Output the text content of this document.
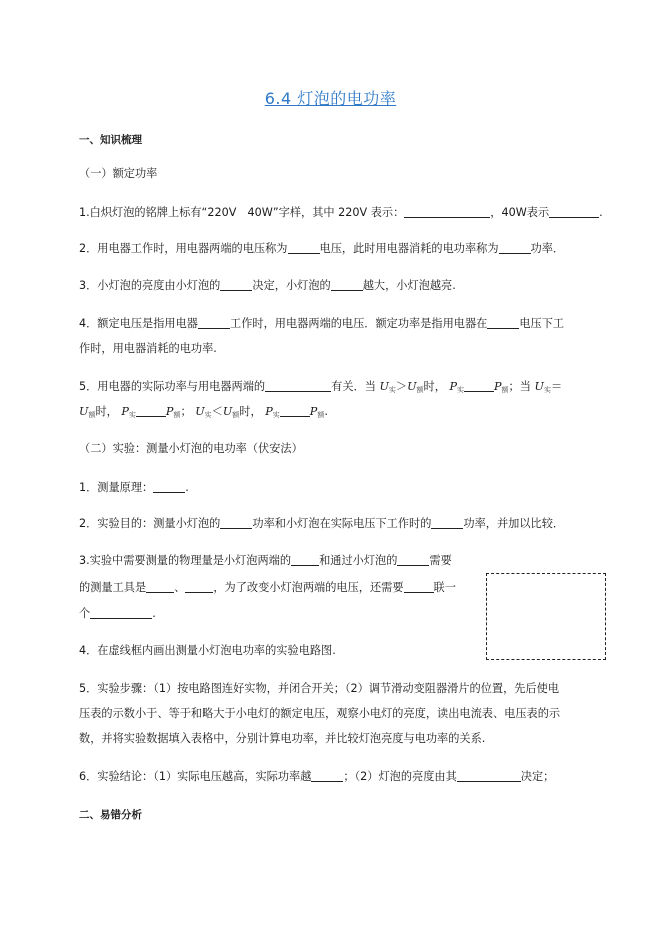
6.4 灯泡的电功率
一、知识梳理
（一）额定功率
1.白炽灯泡的铭牌上标有“220V　40W”字样，其中 220V 表示：	，40W表示	.
2．用电器工作时，用电器两端的电压称为	电压，此时用电器消耗的电功率称为	功率．
3．小灯泡的亮度由小灯泡的	决定，小灯泡的	越大，小灯泡越亮.
4．额定电压是指用电器	工作时，用电器两端的电压．额定功率是指用电器在	电压下工
作时，用电器消耗的电功率.
5．用电器的实际功率与用电器两端的	有关．当 $U_实>U_额$时， $P_实$	$P_额$；当 $U_实=$
$U_额$时， $P_实$	$P_额$； $U_实<U_额$时， $P_实$	$P_额$.
（二）实验：测量小灯泡的电功率（伏安法）
1．测量原理：	.
2．实验目的：测量小灯泡的	功率和小灯泡在实际电压下工作时的	功率，并加以比较．
3.实验中需要测量的物理量是小灯泡两端的	和通过小灯泡的	需要
的测量工具是	、	，为了改变小灯泡两端的电压，还需要	联一
个	.
4．在虚线框内画出测量小灯泡电功率的实验电路图.
5．实验步骤：（1）按电路图连好实物，并闭合开关；（2）调节滑动变阻器滑片的位置，先后使电
压表的示数小于、等于和略大于小电灯的额定电压，观察小电灯的亮度，读出电流表、电压表的示
数，并将实验数据填入表格中，分别计算电功率，并比较灯泡亮度与电功率的关系.
6．实验结论：（1）实际电压越高，实际功率越	；（2）灯泡的亮度由其	决定；
二、易错分析
